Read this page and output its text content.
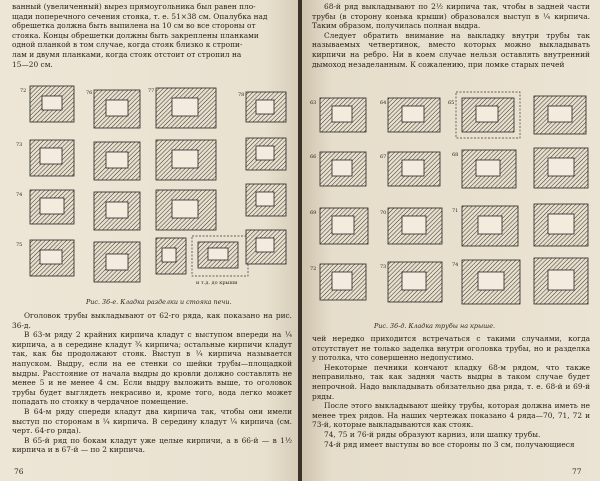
ванный (увеличенный) вырез прямоугольника был равен пло-

щади поперечного сечения стояка, т. е. 51×38 см. Опалубка над

обрешетка должна быть выпилена на 10 см во все стороны от

стояка. Концы обрешетки должны быть закреплены планками

одной планкой в том случае, когда стояк близко к стропи-

лам и двумя планками, когда стояк отстоит от стропил на

15—20 см.

72
73
74
75
76	77
и т.д. до крыши
78
Рис. 36-е. Кладка разделки и стояка печи.

Оголовок трубы выкладывают от 62-го ряда, как показано на рис. 36-д.

В 63-м ряду 2 крайних кирпича кладут с выступом впереди на ¼ кирпича, а в середине кладут ¾ кирпича; остальные кирпичи кладут так, как бы продолжают стояк. Выступ в ¼ кирпича называется напуском. Выдру, если на ее стенки со шейки трубы—площадкой выдры. Расстояние от начала выдры до кровли должно составлять не менее 5 и не менее 4 см. Если выдру выложить выше, то оголовок трубы будет выглядеть некрасиво и, кроме того, вода легко может попадать по стояку в чердачное помещение.

В 64-м ряду спереди кладут два кирпича так, чтобы они имели выступ по сторонам в ¼ кирпича. В середину кладут ¼ кирпича (см. черт. 64-го ряда).

В 65-й ряд по бокам кладут уже целые кирпичи, а в 66-й — в 1½ кирпича и в 67-й — по 2 кирпича.

76

68-й ряд выкладывают по 2½ кирпича так, чтобы в задней части трубы (в сторону конька крыши) образовался выступ в ¼ кирпича. Таким образом, получилась полная выдра.

Следует обратить внимание на выкладку внутри трубы так называемых четвертинок, вместо которых можно выкладывать кирпичи на ребро. Ни в коем случае нельзя оставлять внутренний дымоход незаделанным. К сожалению, при ломке старых печей

63	64	65
66	67	68
69	70	71
72	73	74
Рис. 36-д. Кладка трубы на крыше.

чей нередко приходится встречаться с такими случаями, когда отсутствует не только заделка внутри оголовка трубы, но и разделка у потолка, что совершенно недопустимо.

Некоторые печники кончают кладку 68-м рядом, что также неправильно, так как задняя часть выдры в таком случае будет непрочной. Надо выкладывать обязательно два ряда, т. е. 68-й и 69-й ряды.

После этого выкладывают шейку трубы, которая должна иметь не менее трех рядов. На наших чертежах показано 4 ряда—70, 71, 72 и 73-й, которые выкладываются как стояк.

74, 75 и 76-й ряды образуют карниз, или шапку трубы.

74-й ряд имеет выступы во все стороны по 3 см, получающиеся

77
